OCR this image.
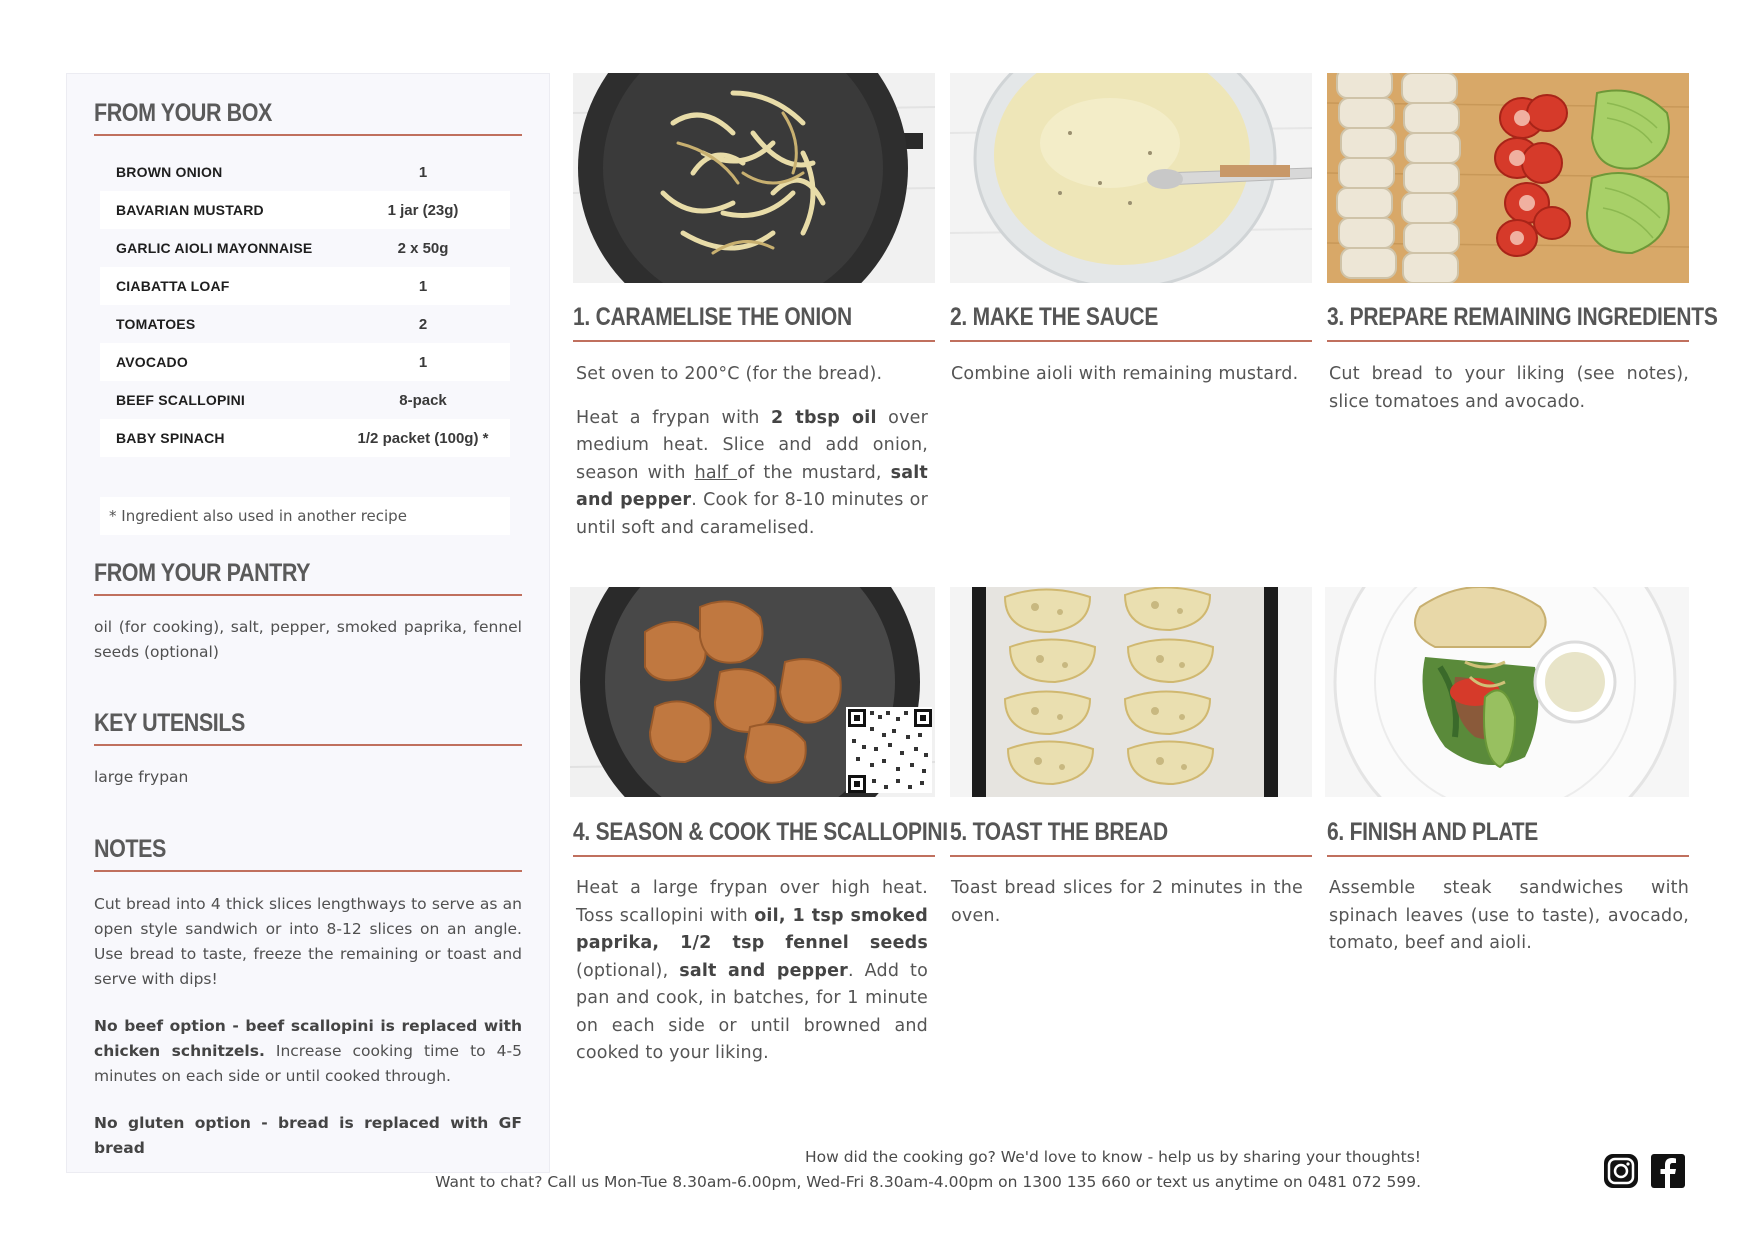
FROM YOUR BOX
BROWN ONION	1
BAVARIAN MUSTARD	1 jar (23g)
GARLIC AIOLI MAYONNAISE	2 x 50g
CIABATTA LOAF	1
TOMATOES	2
AVOCADO	1
BEEF SCALLOPINI	8-pack
BABY SPINACH	1/2 packet (100g) *
* Ingredient also used in another recipe
FROM YOUR PANTRY
oil (for cooking), salt, pepper, smoked paprika, fennel seeds (optional)
KEY UTENSILS
large frypan
NOTES

Cut bread into 4 thick slices lengthways to serve as an open style sandwich or into 8-12 slices on an angle. Use bread to taste, freeze the remaining or toast and serve with dips!

No beef option - beef scallopini is replaced with chicken schnitzels. Increase cooking time to 4-5 minutes on each side or until cooked through.

No gluten option - bread is replaced with GF bread

1. CARAMELISE THE ONION

Set oven to 200°C (for the bread).

Heat a frypan with 2 tbsp oil over medium heat. Slice and add onion, season with half of the mustard, salt and pepper. Cook for 8-10 minutes or until soft and caramelised.

2. MAKE THE SAUCE
Combine aioli with remaining mustard.
3. PREPARE REMAINING INGREDIENTS
Cut bread to your liking (see notes), slice tomatoes and avocado.
4. SEASON & COOK THE SCALLOPINI
Heat a large frypan over high heat. Toss scallopini with oil, 1 tsp smoked paprika, 1/2 tsp fennel seeds (optional), salt and pepper. Add to pan and cook, in batches, for 1 minute on each side or until browned and cooked to your liking.
5. TOAST THE BREAD
Toast bread slices for 2 minutes in the oven.
6. FINISH AND PLATE
Assemble steak sandwiches with spinach leaves (use to taste), avocado, tomato, beef and aioli.
How did the cooking go? We'd love to know - help us by sharing your thoughts!
Want to chat? Call us Mon-Tue 8.30am-6.00pm, Wed-Fri 8.30am-4.00pm on 1300 135 660 or text us anytime on 0481 072 599.
